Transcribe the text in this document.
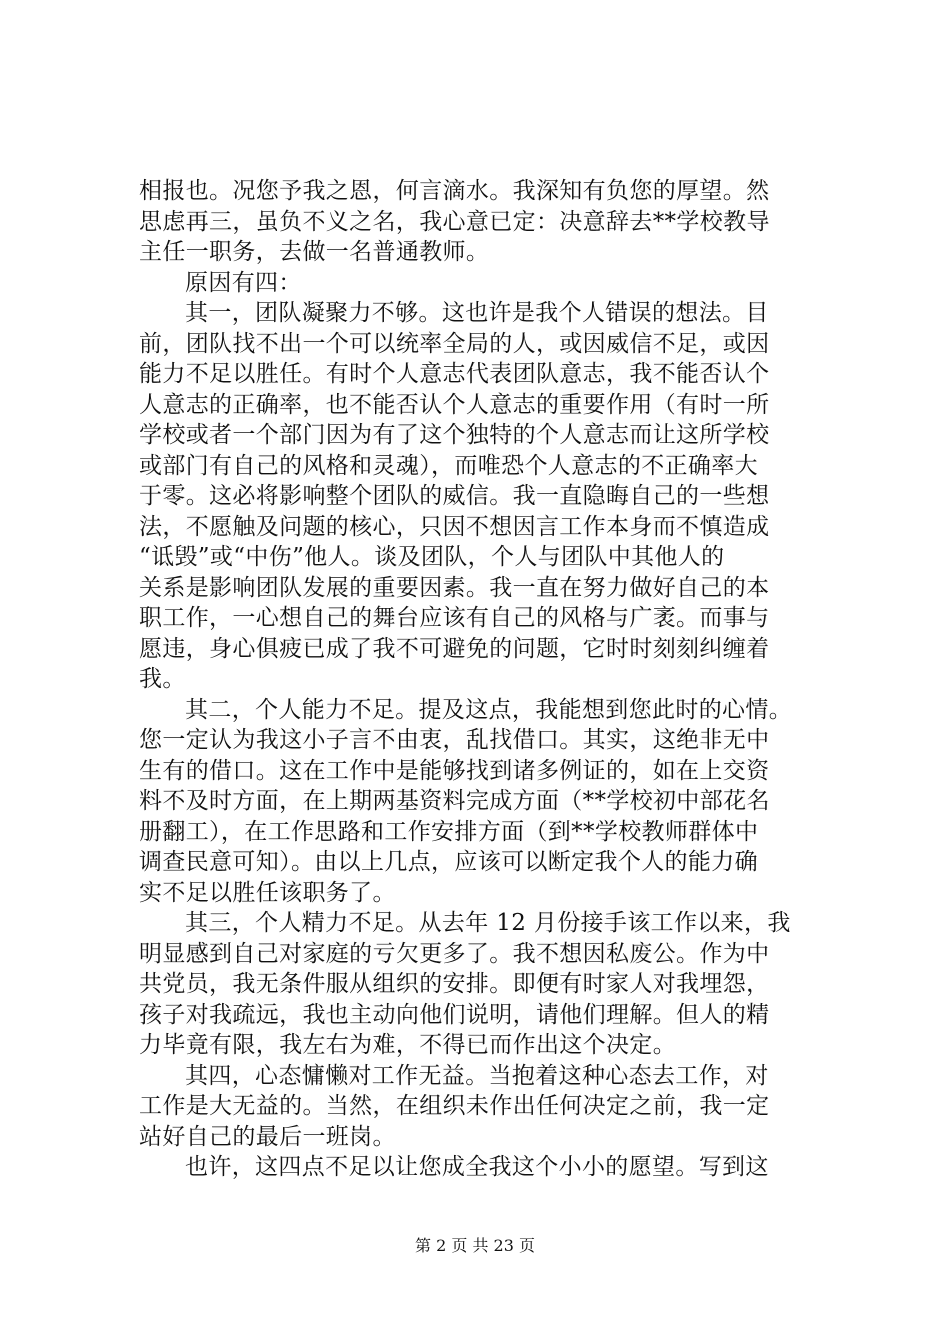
相报也。况您予我之恩，何言滴水。我深知有负您的厚望。然
思虑再三，虽负不义之名，我心意已定：决意辞去**学校教导
主任一职务，去做一名普通教师。
原因有四：
其一，团队凝聚力不够。这也许是我个人错误的想法。目
前，团队找不出一个可以统率全局的人，或因威信不足，或因
能力不足以胜任。有时个人意志代表团队意志，我不能否认个
人意志的正确率，也不能否认个人意志的重要作用（有时一所
学校或者一个部门因为有了这个独特的个人意志而让这所学校
或部门有自己的风格和灵魂），而唯恐个人意志的不正确率大
于零。这必将影响整个团队的威信。我一直隐晦自己的一些想
法，不愿触及问题的核心，只因不想因言工作本身而不慎造成
“诋毁”或“中伤”他人。谈及团队，个人与团队中其他人的
关系是影响团队发展的重要因素。我一直在努力做好自己的本
职工作，一心想自己的舞台应该有自己的风格与广袤。而事与
愿违，身心俱疲已成了我不可避免的问题，它时时刻刻纠缠着
我。
其二，个人能力不足。提及这点，我能想到您此时的心情。
您一定认为我这小子言不由衷，乱找借口。其实，这绝非无中
生有的借口。这在工作中是能够找到诸多例证的，如在上交资
料不及时方面，在上期两基资料完成方面（**学校初中部花名
册翻工），在工作思路和工作安排方面（到**学校教师群体中
调查民意可知）。由以上几点，应该可以断定我个人的能力确
实不足以胜任该职务了。
其三，个人精力不足。从去年 12 月份接手该工作以来，我
明显感到自己对家庭的亏欠更多了。我不想因私废公。作为中
共党员，我无条件服从组织的安排。即便有时家人对我埋怨，
孩子对我疏远，我也主动向他们说明，请他们理解。但人的精
力毕竟有限，我左右为难，不得已而作出这个决定。
其四，心态慵懒对工作无益。当抱着这种心态去工作，对
工作是大无益的。当然，在组织未作出任何决定之前，我一定
站好自己的最后一班岗。
也许，这四点不足以让您成全我这个小小的愿望。写到这
第 2 页 共 23 页
